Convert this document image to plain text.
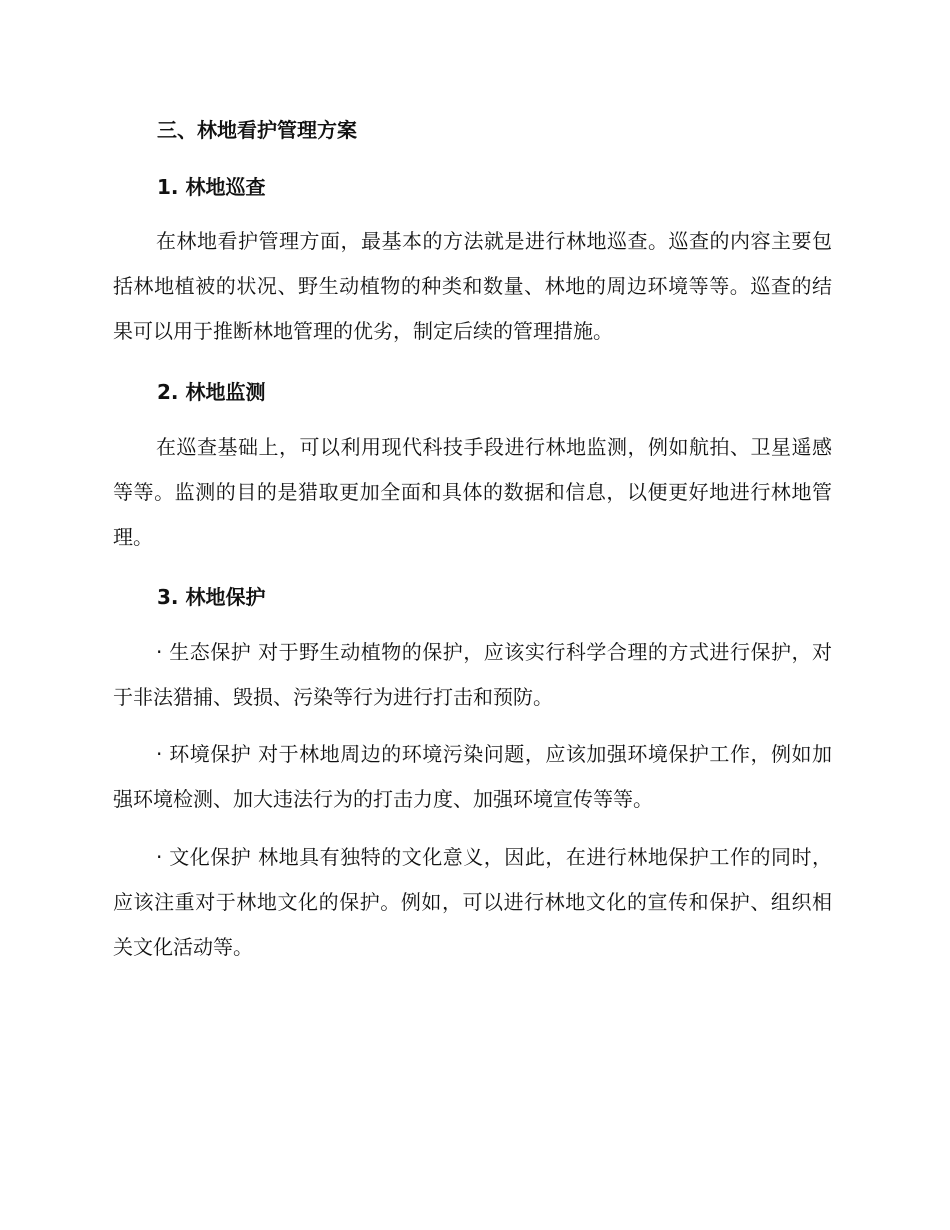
三、林地看护管理方案
1. 林地巡查

在林地看护管理方面，最基本的方法就是进行林地巡查。巡查的内容主要包括林地植被的状况、野生动植物的种类和数量、林地的周边环境等等。巡查的结果可以用于推断林地管理的优劣，制定后续的管理措施。

2. 林地监测

在巡查基础上，可以利用现代科技手段进行林地监测，例如航拍、卫星遥感等等。监测的目的是猎取更加全面和具体的数据和信息，以便更好地进行林地管理。

3. 林地保护

· 生态保护 对于野生动植物的保护，应该实行科学合理的方式进行保护，对于非法猎捕、毁损、污染等行为进行打击和预防。

· 环境保护 对于林地周边的环境污染问题，应该加强环境保护工作，例如加强环境检测、加大违法行为的打击力度、加强环境宣传等等。

· 文化保护 林地具有独特的文化意义，因此，在进行林地保护工作的同时，应该注重对于林地文化的保护。例如，可以进行林地文化的宣传和保护、组织相关文化活动等。
